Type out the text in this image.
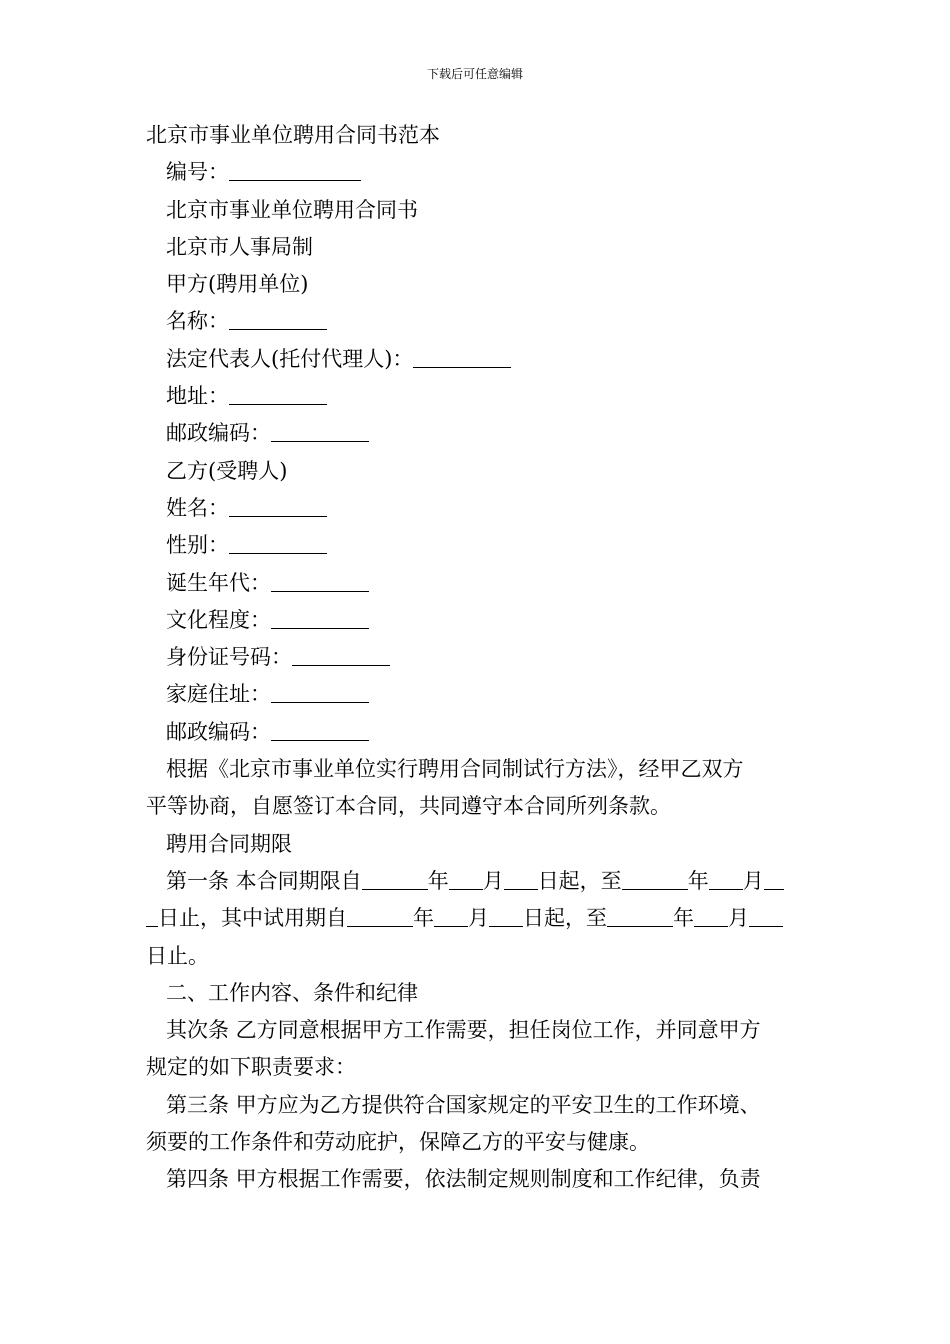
下载后可任意编辑
北京市事业单位聘用合同书范本
编号：
北京市事业单位聘用合同书
北京市人事局制
甲方(聘用单位)
名称：
法定代表人(托付代理人)：
地址：
邮政编码：
乙方(受聘人)
姓名：
性别：
诞生年代：
文化程度：
身份证号码：
家庭住址：
邮政编码：
根据《北京市事业单位实行聘用合同制试行方法》，经甲乙双方
平等协商，自愿签订本合同，共同遵守本合同所列条款。
聘用合同期限
第一条 本合同期限自	年 月 日起，至	年 月
日止，其中试用期自	年 月 日起，至	年 月
日止。
二、工作内容、条件和纪律
其次条 乙方同意根据甲方工作需要，担任岗位工作，并同意甲方
规定的如下职责要求：
第三条 甲方应为乙方提供符合国家规定的平安卫生的工作环境、
须要的工作条件和劳动庇护，保障乙方的平安与健康。
第四条 甲方根据工作需要，依法制定规则制度和工作纪律，负责
